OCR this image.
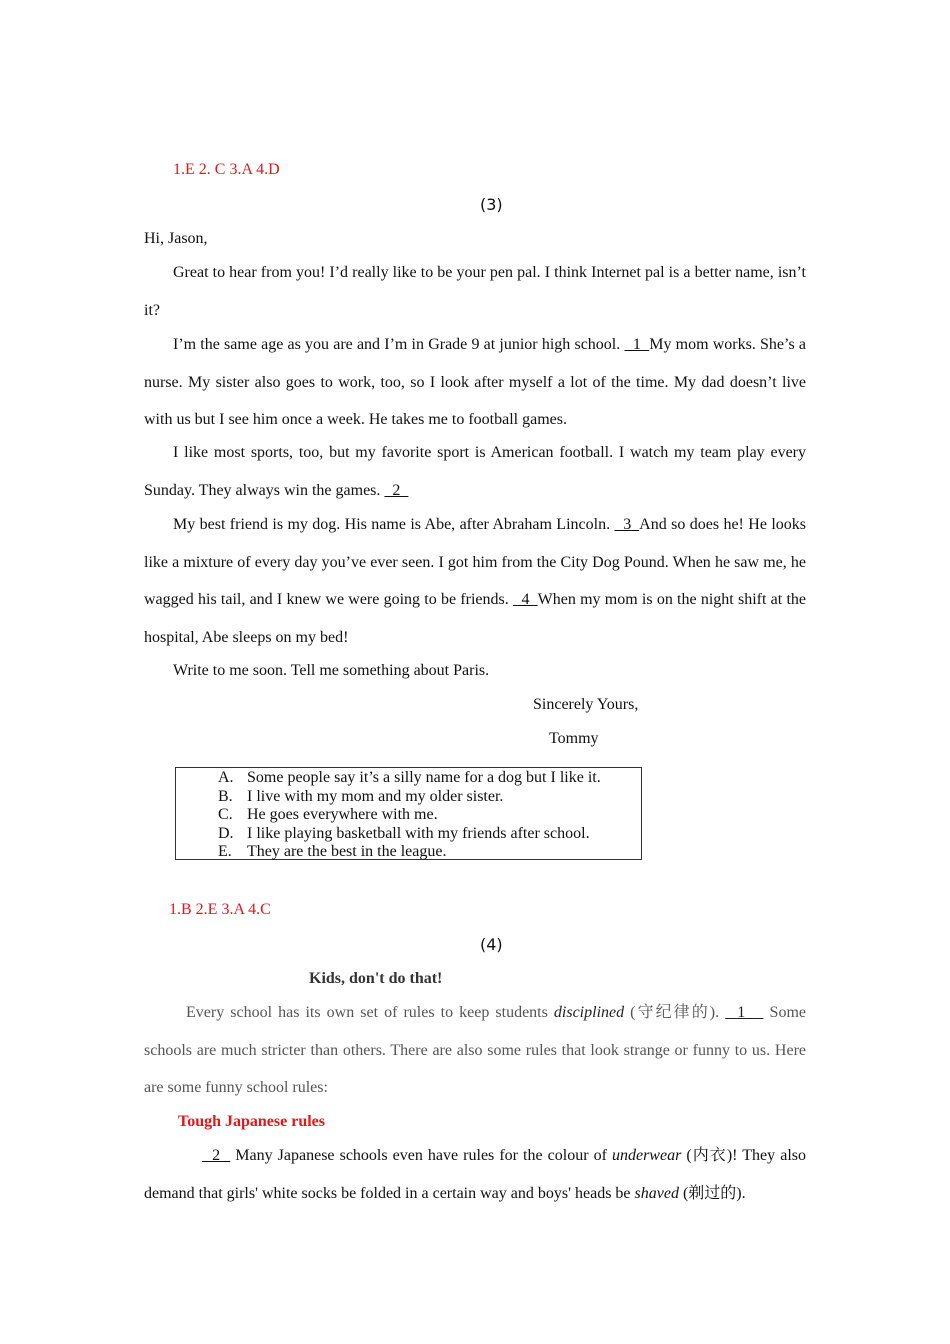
1.E 2. C 3.A 4.D
(3)
Hi, Jason,
Great to hear from you! I’d really like to be your pen pal. I think Internet pal is a better name, isn’t it?
I’m the same age as you are and I’m in Grade 9 at junior high school.   1  My mom works. She’s a nurse. My sister also goes to work, too, so I look after myself a lot of the time. My dad doesn’t live with us but I see him once a week. He takes me to football games.
I like most sports, too, but my favorite sport is American football. I watch my team play every Sunday. They always win the games.   2
My best friend is my dog. His name is Abe, after Abraham Lincoln.   3  And so does he! He looks like a mixture of every day you’ve ever seen. I got him from the City Dog Pound. When he saw me, he wagged his tail, and I knew we were going to be friends.   4  When my mom is on the night shift at the hospital, Abe sleeps on my bed!
Write to me soon. Tell me something about Paris.
Sincerely Yours,
Tommy
A. Some people say it’s a silly name for a dog but I like it.
B. I live with my mom and my older sister.
C. He goes everywhere with me.
D. I like playing basketball with my friends after school.
E. They are the best in the league.
1.B 2.E 3.A 4.C
(4)
Kids, don't do that!
Every school has its own set of rules to keep students disciplined (守纪律的).   1    Some schools are much stricter than others. There are also some rules that look strange or funny to us. Here are some funny school rules:
Tough Japanese rules
2   Many Japanese schools even have rules for the colour of underwear (内衣)! They also demand that girls' white socks be folded in a certain way and boys' heads be shaved (剃过的).
